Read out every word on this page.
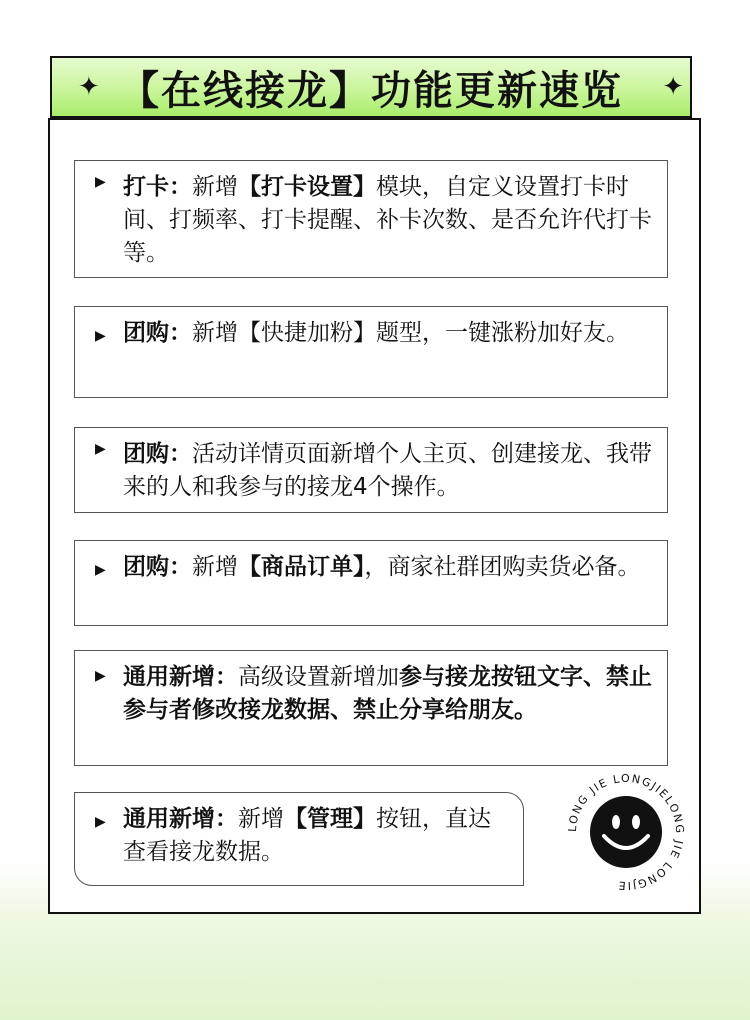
✦ 【在线接龙】功能更新速览 ✦
▶ 打卡：新增【打卡设置】模块，自定义设置打卡时间、打频率、打卡提醒、补卡次数、是否允许代打卡等。
▶ 团购：新增【快捷加粉】题型，一键涨粉加好友。
▶ 团购：活动详情页面新增个人主页、创建接龙、我带来的人和我参与的接龙4个操作。
▶ 团购：新增【商品订单】，商家社群团购卖货必备。
▶ 通用新增：高级设置新增加参与接龙按钮文字、禁止参与者修改接龙数据、禁止分享给朋友。
▶ 通用新增：新增【管理】按钮，直达查看接龙数据。
LONG JIE LONGJIELONG JIE LONGJIE
